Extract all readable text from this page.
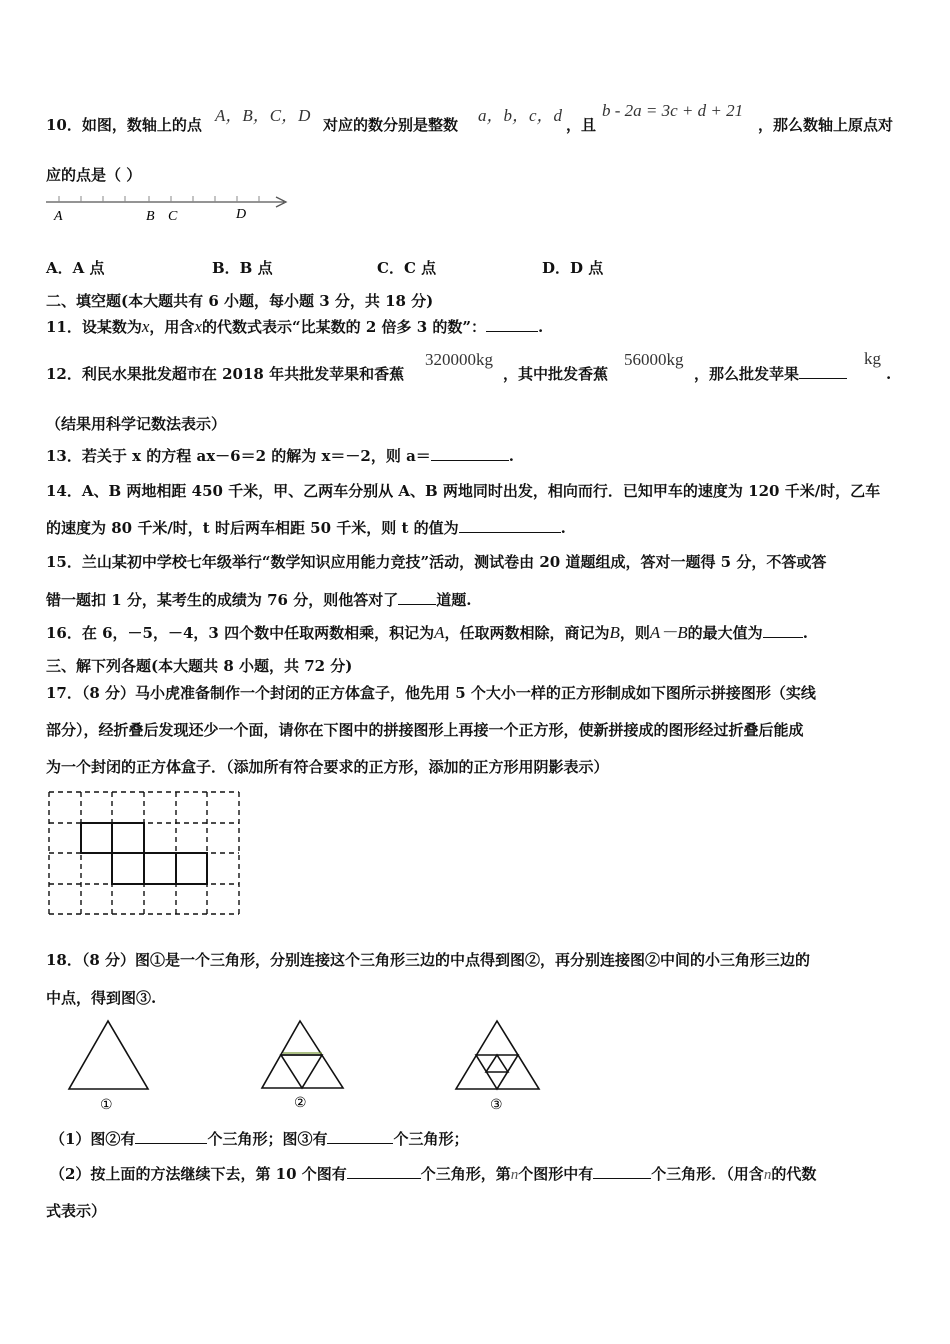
10．如图，数轴上的点 A，B，C，D 对应的数分别是整数 a，b，c，d ，且
b - 2a = 3c + d + 21
，那么数轴上原点对
应的点是（ ）
A	B C	D
A．A 点	B．B 点	C．C 点	D．D 点
二、填空题(本大题共有 6 小题，每小题 3 分，共 18 分)
11．设某数为x，用含x的代数式表示“比某数的 2 倍多 3 的数”：	.
12．利民水果批发超市在 2018 年共批发苹果和香蕉
320000kg
，其中批发香蕉
56000kg
，那么批发苹果
kg
.
（结果用科学记数法表示）
13．若关于 x 的方程 ax－6＝2 的解为 x＝－2，则 a＝	.
14．A、B 两地相距 450 千米，甲、乙两车分别从 A、B 两地同时出发，相向而行．已知甲车的速度为 120 千米/时，乙车
的速度为 80 千米/时，t 时后两车相距 50 千米，则 t 的值为	.
15．兰山某初中学校七年级举行“数学知识应用能力竞技”活动，测试卷由 20 道题组成，答对一题得 5 分，不答或答
错一题扣 1 分，某考生的成绩为 76 分，则他答对了	道题.
16．在 6，－5，－4，3 四个数中任取两数相乘，积记为A，任取两数相除，商记为B，则A－B的最大值为	.
三、解下列各题(本大题共 8 小题，共 72 分)
17．（8 分）马小虎准备制作一个封闭的正方体盒子，他先用 5 个大小一样的正方形制成如下图所示拼接图形（实线
部分），经折叠后发现还少一个面，请你在下图中的拼接图形上再接一个正方形，使新拼接成的图形经过折叠后能成
为一个封闭的正方体盒子．（添加所有符合要求的正方形，添加的正方形用阴影表示）
18．（8 分）图①是一个三角形，分别连接这个三角形三边的中点得到图②，再分别连接图②中间的小三角形三边的
中点，得到图③.
①	②	③
（1）图②有	个三角形；图③有	个三角形；
（2）按上面的方法继续下去，第 10 个图有	个三角形，第n个图形中有	个三角形．（用含n的代数
式表示）
